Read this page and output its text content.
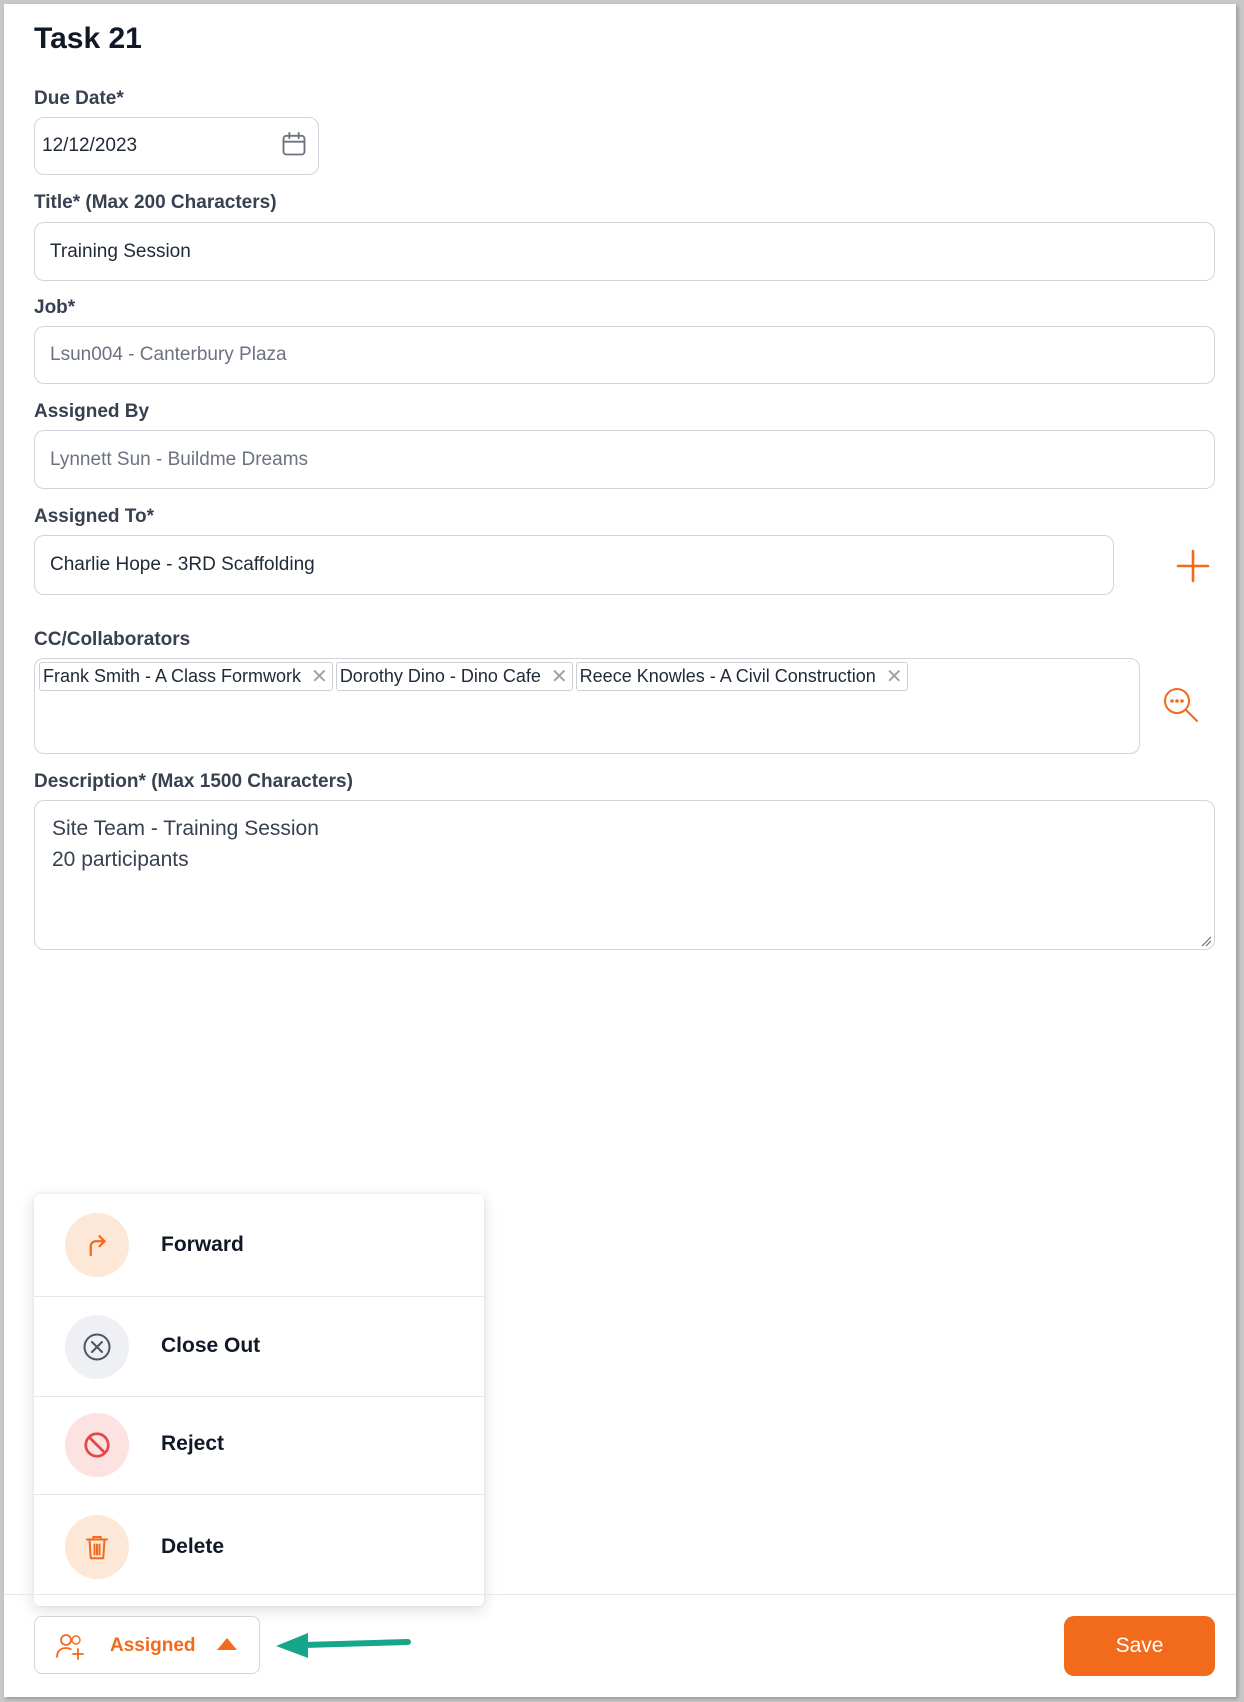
Task 21
Due Date*
12/12/2023
Title* (Max 200 Characters)
Training Session
Job*
Lsun004 - Canterbury Plaza
Assigned By
Lynnett Sun - Buildme Dreams
Assigned To*
Charlie Hope - 3RD Scaffolding
CC/Collaborators
Frank Smith - A Class Formwork ✕ Dorothy Dino - Dino Cafe ✕ Reece Knowles - A Civil Construction ✕
Description* (Max 1500 Characters)
Site Team - Training Session
20 participants
Forward
Close Out
Reject
Delete
Assigned	Save
